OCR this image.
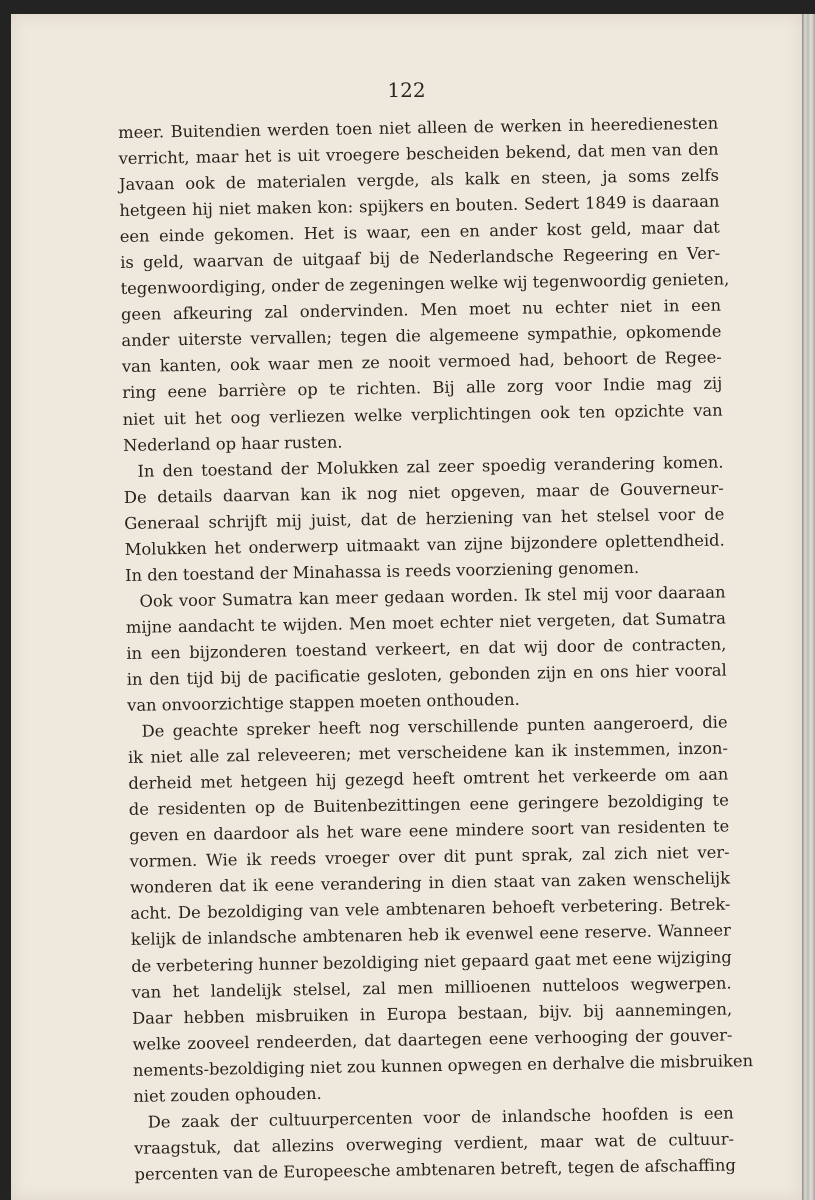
122
meer. Buitendien werden toen niet alleen de werken in heeredienesten
verricht, maar het is uit vroegere bescheiden bekend, dat men van den
Javaan ook de materialen vergde, als kalk en steen, ja soms zelfs
hetgeen hij niet maken kon: spijkers en bouten. Sedert 1849 is daaraan
een einde gekomen. Het is waar, een en ander kost geld, maar dat
is geld, waarvan de uitgaaf bij de Nederlandsche Regeering en Ver-
tegenwoordiging, onder de zegeningen welke wij tegenwoordig genieten,
geen afkeuring zal ondervinden. Men moet nu echter niet in een
ander uiterste vervallen; tegen die algemeene sympathie, opkomende
van kanten, ook waar men ze nooit vermoed had, behoort de Regee-
ring eene barrière op te richten. Bij alle zorg voor Indie mag zij
niet uit het oog verliezen welke verplichtingen ook ten opzichte van
Nederland op haar rusten.
In den toestand der Molukken zal zeer spoedig verandering komen.
De details daarvan kan ik nog niet opgeven, maar de Gouverneur-
Generaal schrijft mij juist, dat de herziening van het stelsel voor de
Molukken het onderwerp uitmaakt van zijne bijzondere oplettendheid.
In den toestand der Minahassa is reeds voorziening genomen.
Ook voor Sumatra kan meer gedaan worden. Ik stel mij voor daaraan
mijne aandacht te wijden. Men moet echter niet vergeten, dat Sumatra
in een bijzonderen toestand verkeert, en dat wij door de contracten,
in den tijd bij de pacificatie gesloten, gebonden zijn en ons hier vooral
van onvoorzichtige stappen moeten onthouden.
De geachte spreker heeft nog verschillende punten aangeroerd, die
ik niet alle zal releveeren; met verscheidene kan ik instemmen, inzon-
derheid met hetgeen hij gezegd heeft omtrent het verkeerde om aan
de residenten op de Buitenbezittingen eene geringere bezoldiging te
geven en daardoor als het ware eene mindere soort van residenten te
vormen. Wie ik reeds vroeger over dit punt sprak, zal zich niet ver-
wonderen dat ik eene verandering in dien staat van zaken wenschelijk
acht. De bezoldiging van vele ambtenaren behoeft verbetering. Betrek-
kelijk de inlandsche ambtenaren heb ik evenwel eene reserve. Wanneer
de verbetering hunner bezoldiging niet gepaard gaat met eene wijziging
van het landelijk stelsel, zal men millioenen nutteloos wegwerpen.
Daar hebben misbruiken in Europa bestaan, bijv. bij aannemingen,
welke zooveel rendeerden, dat daartegen eene verhooging der gouver-
nements-bezoldiging niet zou kunnen opwegen en derhalve die misbruiken
niet zouden ophouden.
De zaak der cultuurpercenten voor de inlandsche hoofden is een
vraagstuk, dat allezins overweging verdient, maar wat de cultuur-
percenten van de Europeesche ambtenaren betreft, tegen de afschaffing
